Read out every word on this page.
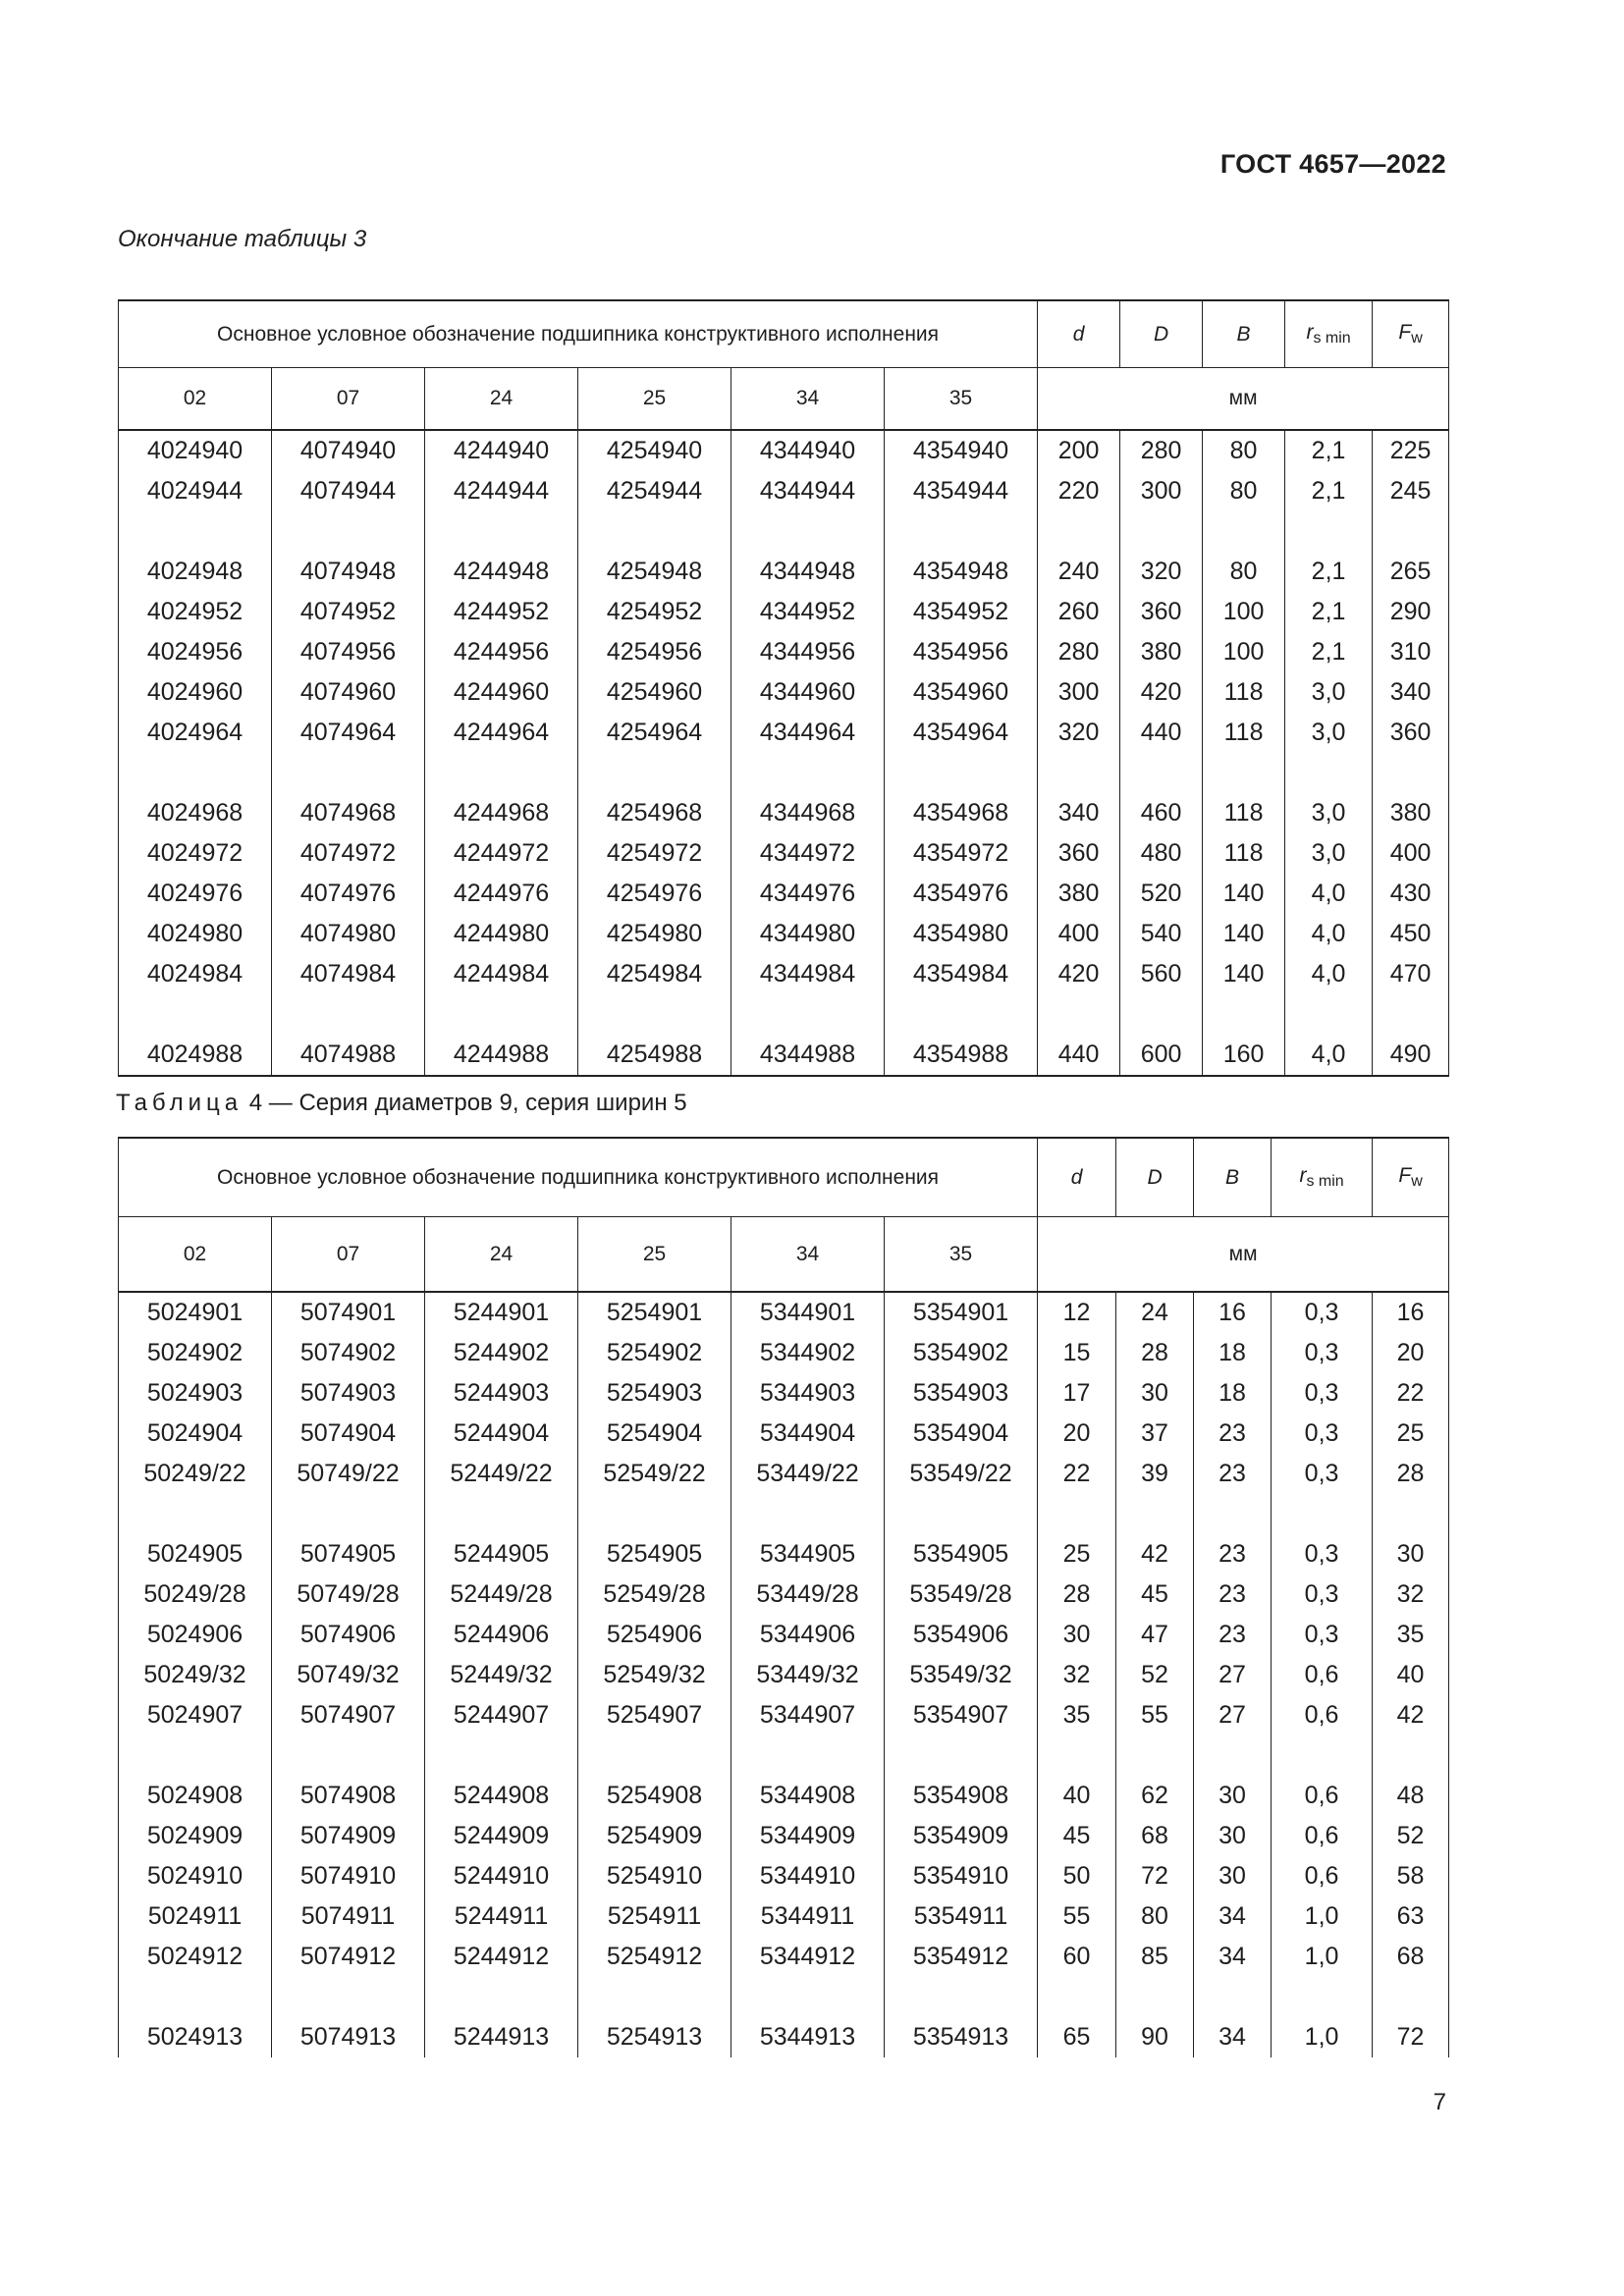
ГОСТ 4657—2022
Окончание таблицы 3
Основное условное обозначение подшипника конструктивного исполнения						d	D	B	$r_{s min}$	$F_w$
02	07	24	25	34	35	мм				
4024940	4074940	4244940	4254940	4344940	4354940	200	280	80	2,1	225
4024944	4074944	4244944	4254944	4344944	4354944	220	300	80	2,1	245

4024948	4074948	4244948	4254948	4344948	4354948	240	320	80	2,1	265
4024952	4074952	4244952	4254952	4344952	4354952	260	360	100	2,1	290
4024956	4074956	4244956	4254956	4344956	4354956	280	380	100	2,1	310
4024960	4074960	4244960	4254960	4344960	4354960	300	420	118	3,0	340
4024964	4074964	4244964	4254964	4344964	4354964	320	440	118	3,0	360

4024968	4074968	4244968	4254968	4344968	4354968	340	460	118	3,0	380
4024972	4074972	4244972	4254972	4344972	4354972	360	480	118	3,0	400
4024976	4074976	4244976	4254976	4344976	4354976	380	520	140	4,0	430
4024980	4074980	4244980	4254980	4344980	4354980	400	540	140	4,0	450
4024984	4074984	4244984	4254984	4344984	4354984	420	560	140	4,0	470

4024988	4074988	4244988	4254988	4344988	4354988	440	600	160	4,0	490
Таблица 4 — Серия диаметров 9, серия ширин 5
Основное условное обозначение подшипника конструктивного исполнения						d	D	B	$r_{s min}$	$F_w$
02	07	24	25	34	35	мм				
5024901	5074901	5244901	5254901	5344901	5354901	12	24	16	0,3	16
5024902	5074902	5244902	5254902	5344902	5354902	15	28	18	0,3	20
5024903	5074903	5244903	5254903	5344903	5354903	17	30	18	0,3	22
5024904	5074904	5244904	5254904	5344904	5354904	20	37	23	0,3	25
50249/22	50749/22	52449/22	52549/22	53449/22	53549/22	22	39	23	0,3	28

5024905	5074905	5244905	5254905	5344905	5354905	25	42	23	0,3	30
50249/28	50749/28	52449/28	52549/28	53449/28	53549/28	28	45	23	0,3	32
5024906	5074906	5244906	5254906	5344906	5354906	30	47	23	0,3	35
50249/32	50749/32	52449/32	52549/32	53449/32	53549/32	32	52	27	0,6	40
5024907	5074907	5244907	5254907	5344907	5354907	35	55	27	0,6	42

5024908	5074908	5244908	5254908	5344908	5354908	40	62	30	0,6	48
5024909	5074909	5244909	5254909	5344909	5354909	45	68	30	0,6	52
5024910	5074910	5244910	5254910	5344910	5354910	50	72	30	0,6	58
5024911	5074911	5244911	5254911	5344911	5354911	55	80	34	1,0	63
5024912	5074912	5244912	5254912	5344912	5354912	60	85	34	1,0	68

5024913	5074913	5244913	5254913	5344913	5354913	65	90	34	1,0	72
7
